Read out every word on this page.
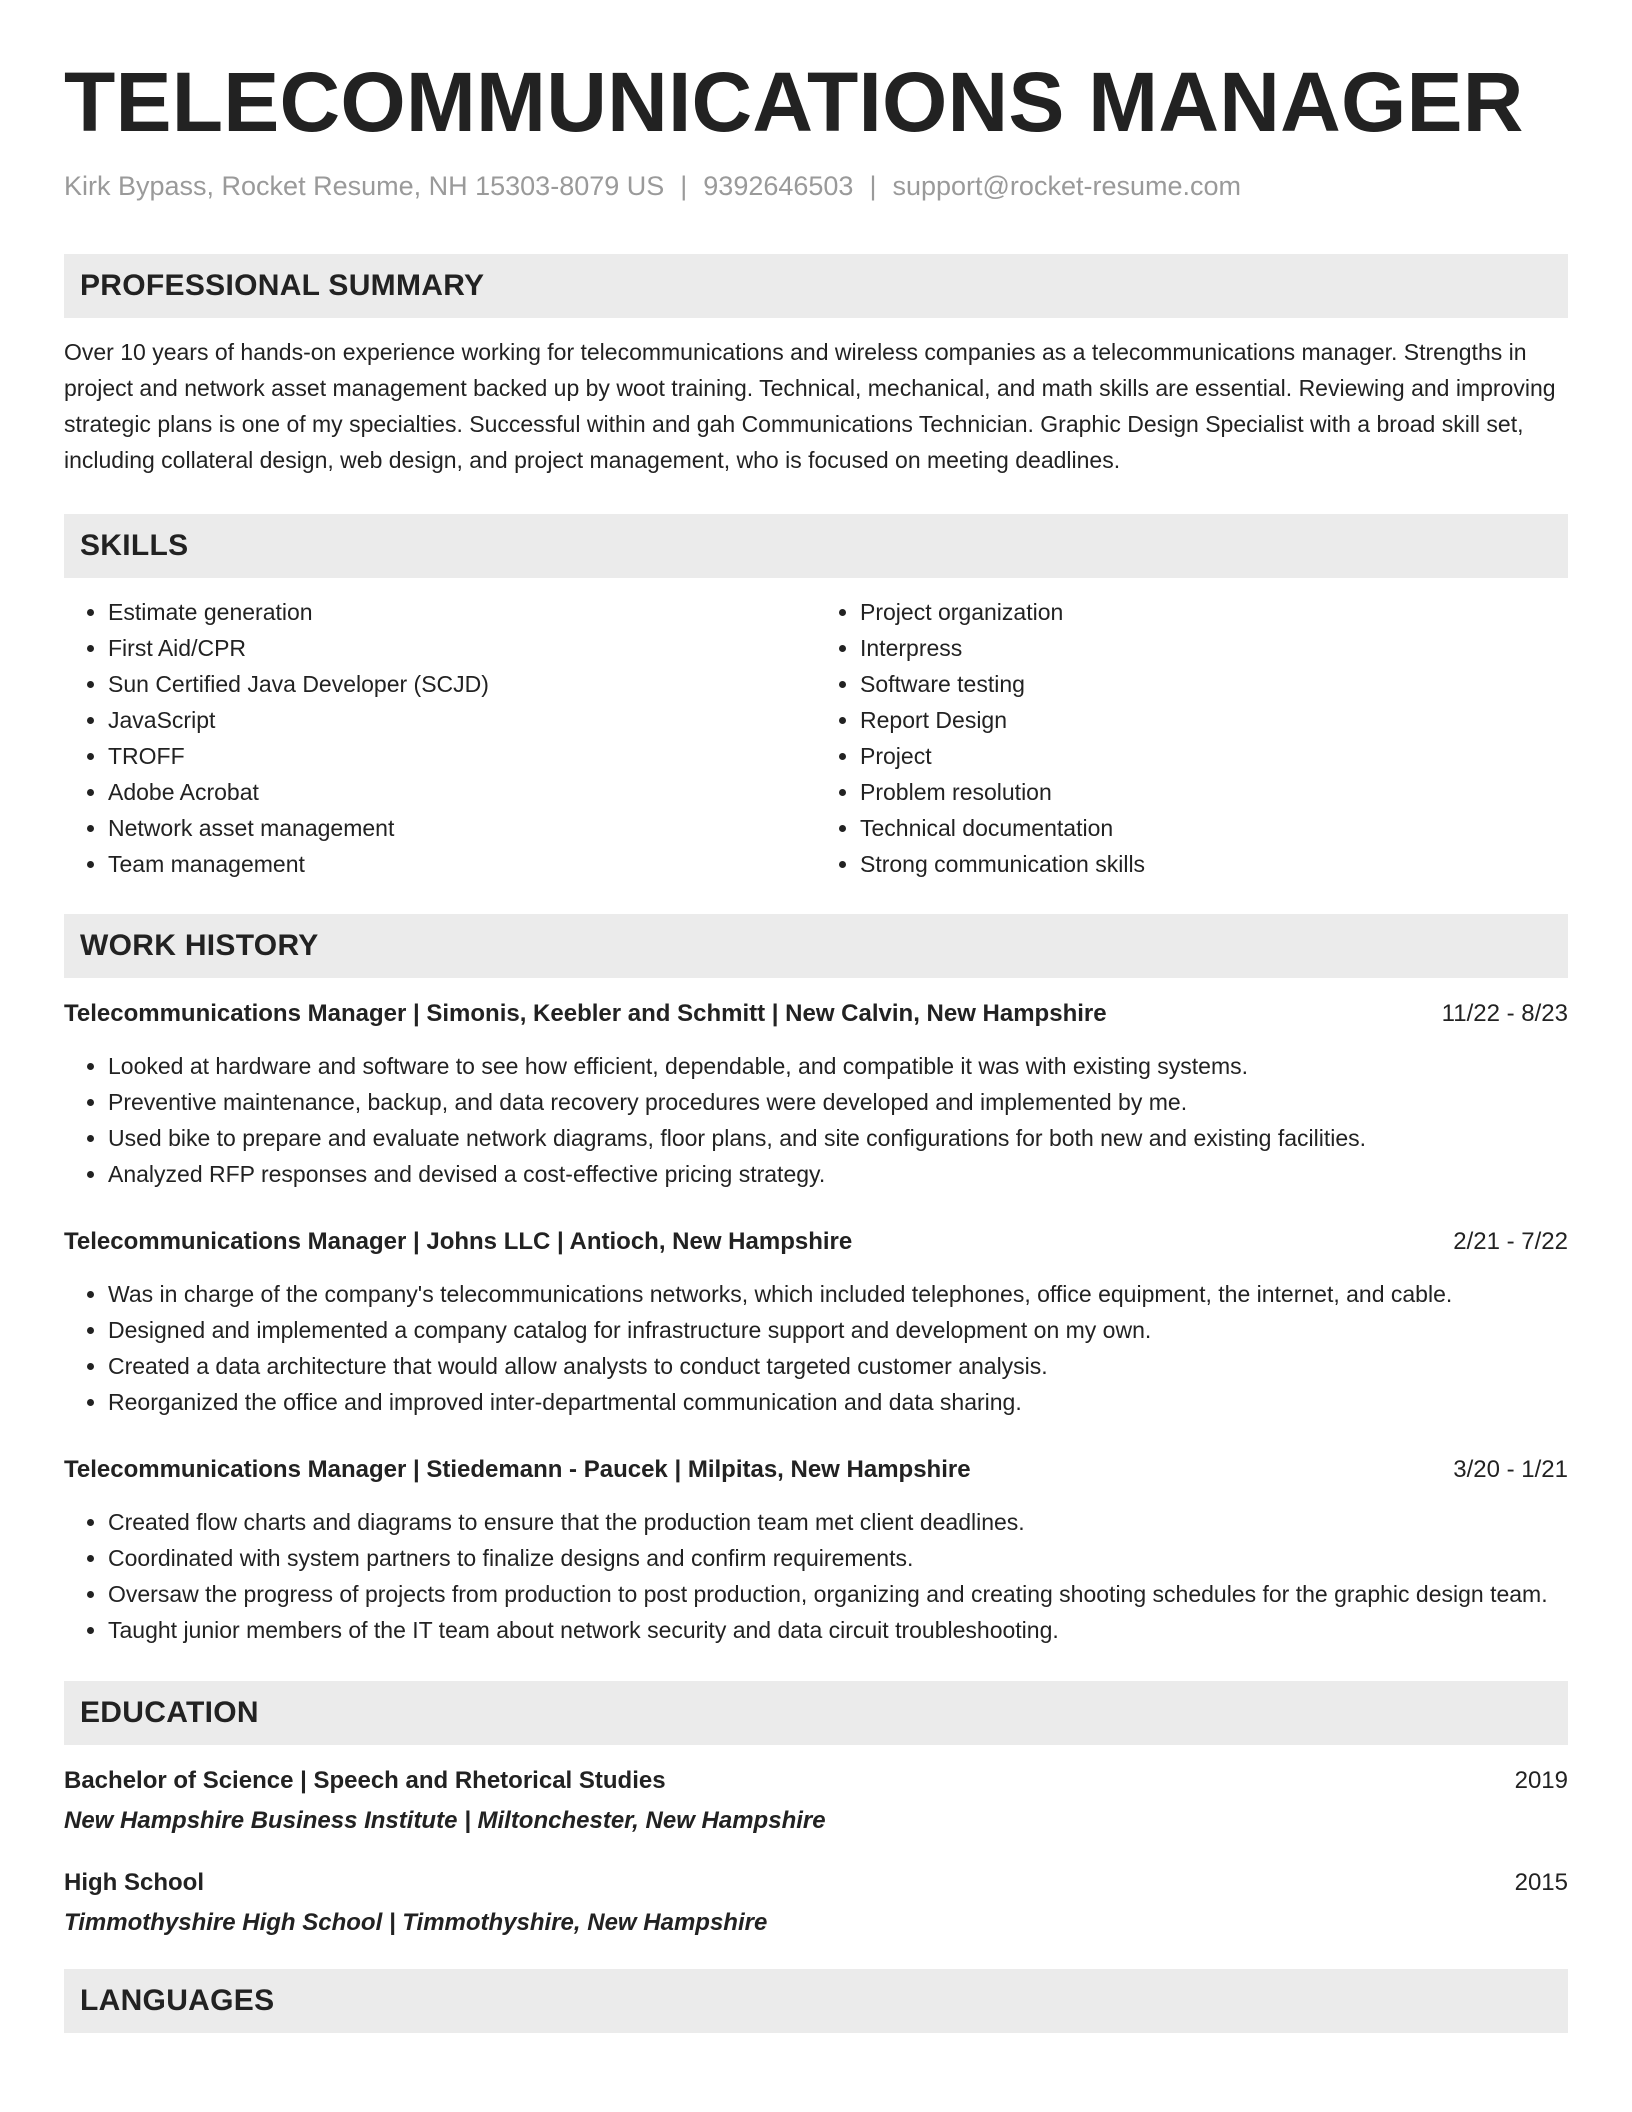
TELECOMMUNICATIONS MANAGER
Kirk Bypass, Rocket Resume, NH 15303-8079 US | 9392646503 | support@rocket-resume.com
PROFESSIONAL SUMMARY
Over 10 years of hands-on experience working for telecommunications and wireless companies as a telecommunications manager. Strengths in project and network asset management backed up by woot training. Technical, mechanical, and math skills are essential. Reviewing and improving strategic plans is one of my specialties. Successful within and gah Communications Technician. Graphic Design Specialist with a broad skill set, including collateral design, web design, and project management, who is focused on meeting deadlines.
SKILLS
• Estimate generation
• First Aid/CPR
• Sun Certified Java Developer (SCJD)
• JavaScript
• TROFF
• Adobe Acrobat
• Network asset management
• Team management
• Project organization
• Interpress
• Software testing
• Report Design
• Project
• Problem resolution
• Technical documentation
• Strong communication skills
WORK HISTORY
Telecommunications Manager | Simonis, Keebler and Schmitt | New Calvin, New Hampshire	11/22 - 8/23
• Looked at hardware and software to see how efficient, dependable, and compatible it was with existing systems.
• Preventive maintenance, backup, and data recovery procedures were developed and implemented by me.
• Used bike to prepare and evaluate network diagrams, floor plans, and site configurations for both new and existing facilities.
• Analyzed RFP responses and devised a cost-effective pricing strategy.
Telecommunications Manager | Johns LLC | Antioch, New Hampshire	2/21 - 7/22
• Was in charge of the company's telecommunications networks, which included telephones, office equipment, the internet, and cable.
• Designed and implemented a company catalog for infrastructure support and development on my own.
• Created a data architecture that would allow analysts to conduct targeted customer analysis.
• Reorganized the office and improved inter-departmental communication and data sharing.
Telecommunications Manager | Stiedemann - Paucek | Milpitas, New Hampshire	3/20 - 1/21
• Created flow charts and diagrams to ensure that the production team met client deadlines.
• Coordinated with system partners to finalize designs and confirm requirements.
• Oversaw the progress of projects from production to post production, organizing and creating shooting schedules for the graphic design team.
• Taught junior members of the IT team about network security and data circuit troubleshooting.
EDUCATION
Bachelor of Science | Speech and Rhetorical Studies	2019
New Hampshire Business Institute | Miltonchester, New Hampshire
High School	2015
Timmothyshire High School | Timmothyshire, New Hampshire
LANGUAGES
